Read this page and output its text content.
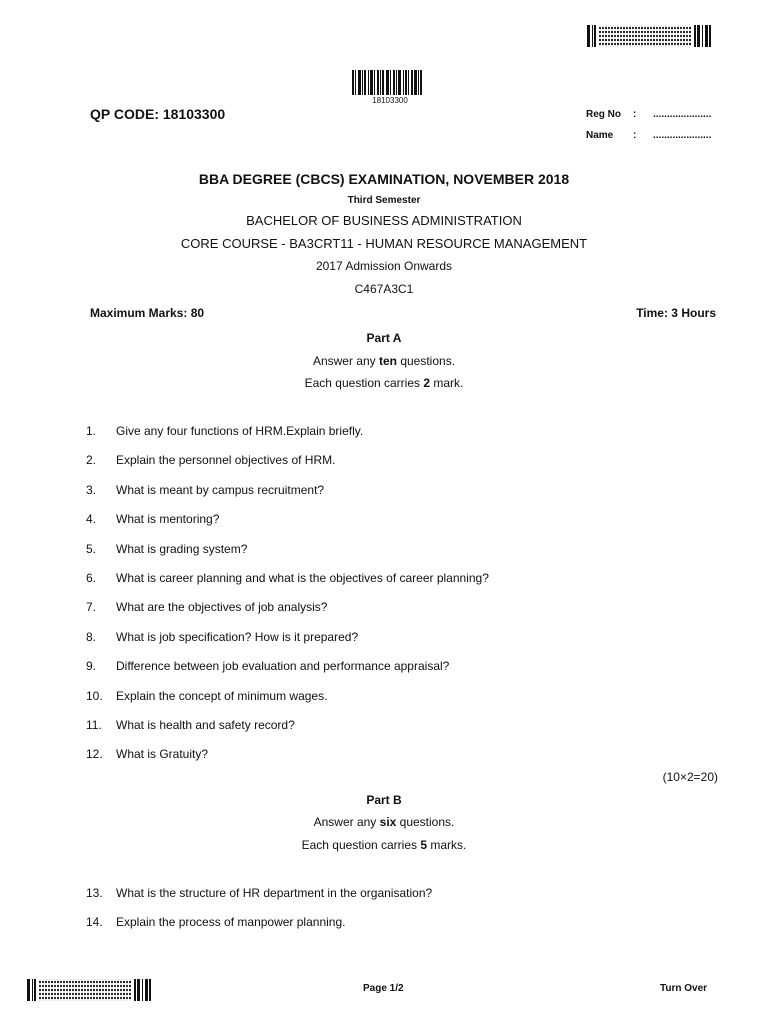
18103300
QP CODE: 18103300	Reg No : .....................
Name : .....................
BBA DEGREE (CBCS) EXAMINATION, NOVEMBER 2018
Third Semester
BACHELOR OF BUSINESS ADMINISTRATION
CORE COURSE - BA3CRT11 - HUMAN RESOURCE MANAGEMENT
2017 Admission Onwards
C467A3C1
Maximum Marks: 80	Time: 3 Hours
Part A
Answer any ten questions.
Each question carries 2 mark.
1. Give any four functions of HRM.Explain briefly.
2. Explain the personnel objectives of HRM.
3. What is meant by campus recruitment?
4. What is mentoring?
5. What is grading system?
6. What is career planning and what is the objectives of career planning?
7. What are the objectives of job analysis?
8. What is job specification? How is it prepared?
9. Difference between job evaluation and performance appraisal?
10. Explain the concept of minimum wages.
11. What is health and safety record?
12. What is Gratuity?
(10×2=20)
Part B
Answer any six questions.
Each question carries 5 marks.
13. What is the structure of HR department in the organisation?
14. Explain the process of manpower planning.
Page 1/2	Turn Over
